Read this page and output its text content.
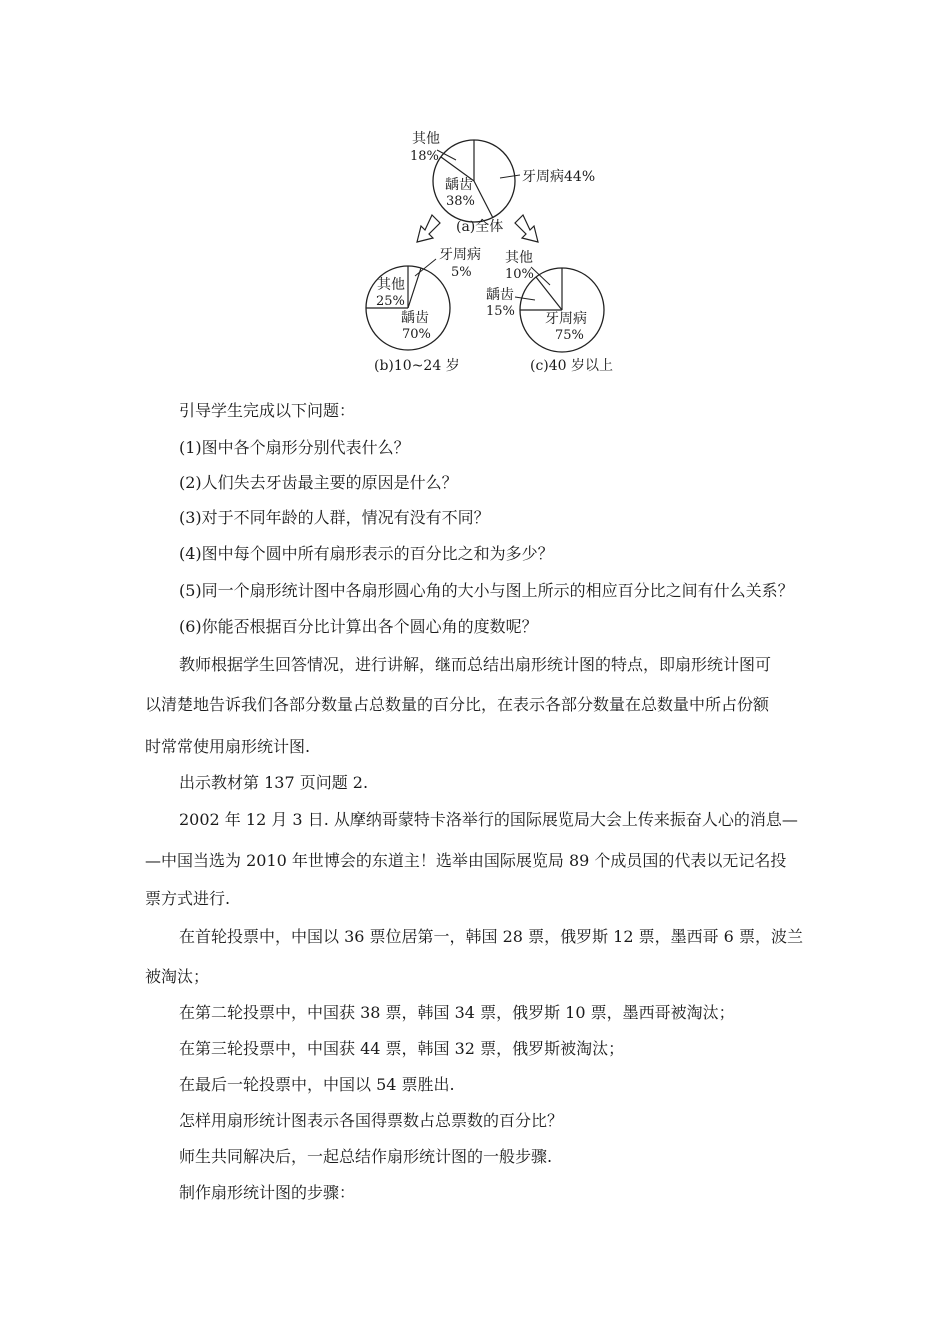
其他
18%
牙周病44%
龋齿
38%
(a)全体
牙周病
5%
其他
25%
龋齿
70%
(b)10~24 岁
其他
10%
龋齿
15% 牙周病
75%
(c)40 岁以上
引导学生完成以下问题：
(1)图中各个扇形分别代表什么？
(2)人们失去牙齿最主要的原因是什么？
(3)对于不同年龄的人群，情况有没有不同？
(4)图中每个圆中所有扇形表示的百分比之和为多少？
(5)同一个扇形统计图中各扇形圆心角的大小与图上所示的相应百分比之间有什么关系？
(6)你能否根据百分比计算出各个圆心角的度数呢？
教师根据学生回答情况，进行讲解，继而总结出扇形统计图的特点，即扇形统计图可
以清楚地告诉我们各部分数量占总数量的百分比，在表示各部分数量在总数量中所占份额
时常常使用扇形统计图.
出示教材第 137 页问题 2.
2002 年 12 月 3 日. 从摩纳哥蒙特卡洛举行的国际展览局大会上传来振奋人心的消息—
—中国当选为 2010 年世博会的东道主！选举由国际展览局 89 个成员国的代表以无记名投
票方式进行.
在首轮投票中，中国以 36 票位居第一，韩国 28 票，俄罗斯 12 票，墨西哥 6 票，波兰
被淘汰；
在第二轮投票中，中国获 38 票，韩国 34 票，俄罗斯 10 票，墨西哥被淘汰；
在第三轮投票中，中国获 44 票，韩国 32 票，俄罗斯被淘汰；
在最后一轮投票中，中国以 54 票胜出.
怎样用扇形统计图表示各国得票数占总票数的百分比？
师生共同解决后，一起总结作扇形统计图的一般步骤.
制作扇形统计图的步骤：
